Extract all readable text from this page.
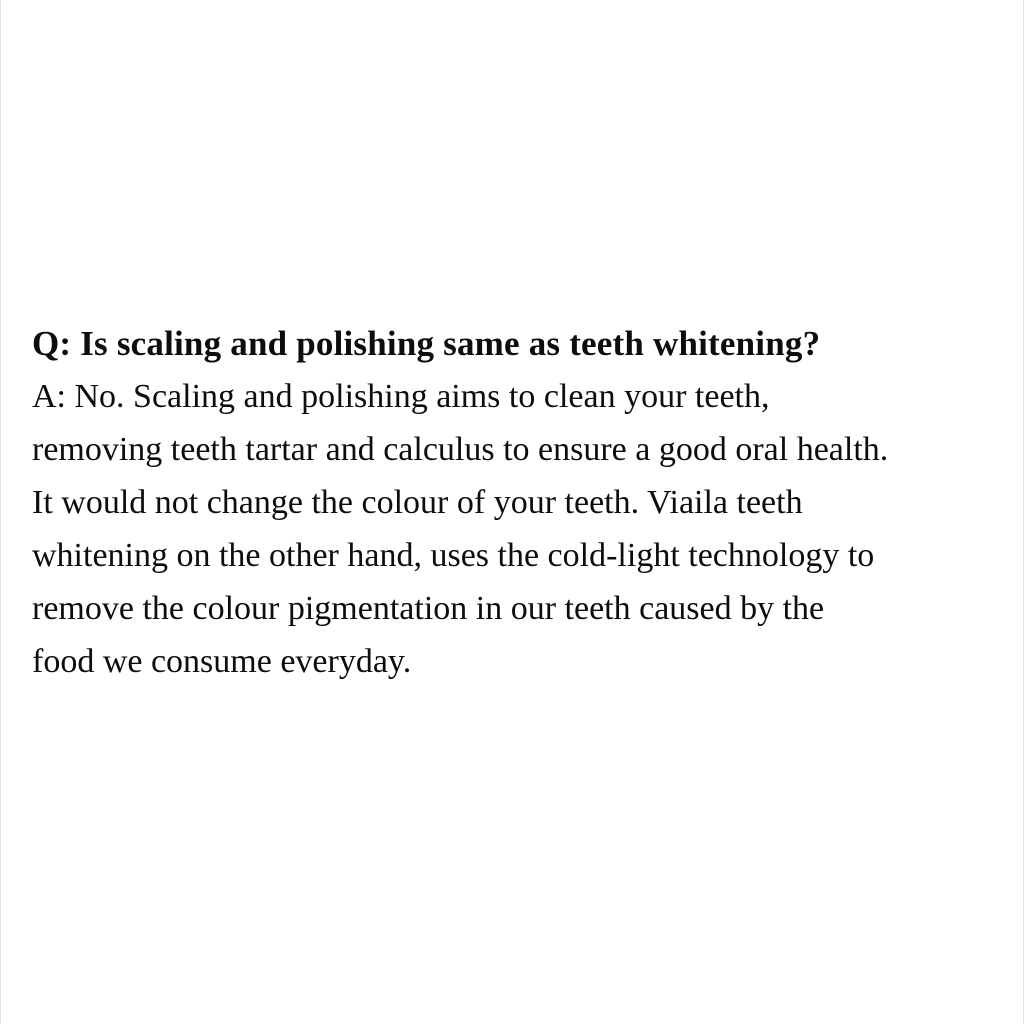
Q: Is scaling and polishing same as teeth whitening?
A: No. Scaling and polishing aims to clean your teeth,
removing teeth tartar and calculus to ensure a good oral health.
It would not change the colour of your teeth. Viaila teeth
whitening on the other hand, uses the cold-light technology to
remove the colour pigmentation in our teeth caused by the
food we consume everyday.
